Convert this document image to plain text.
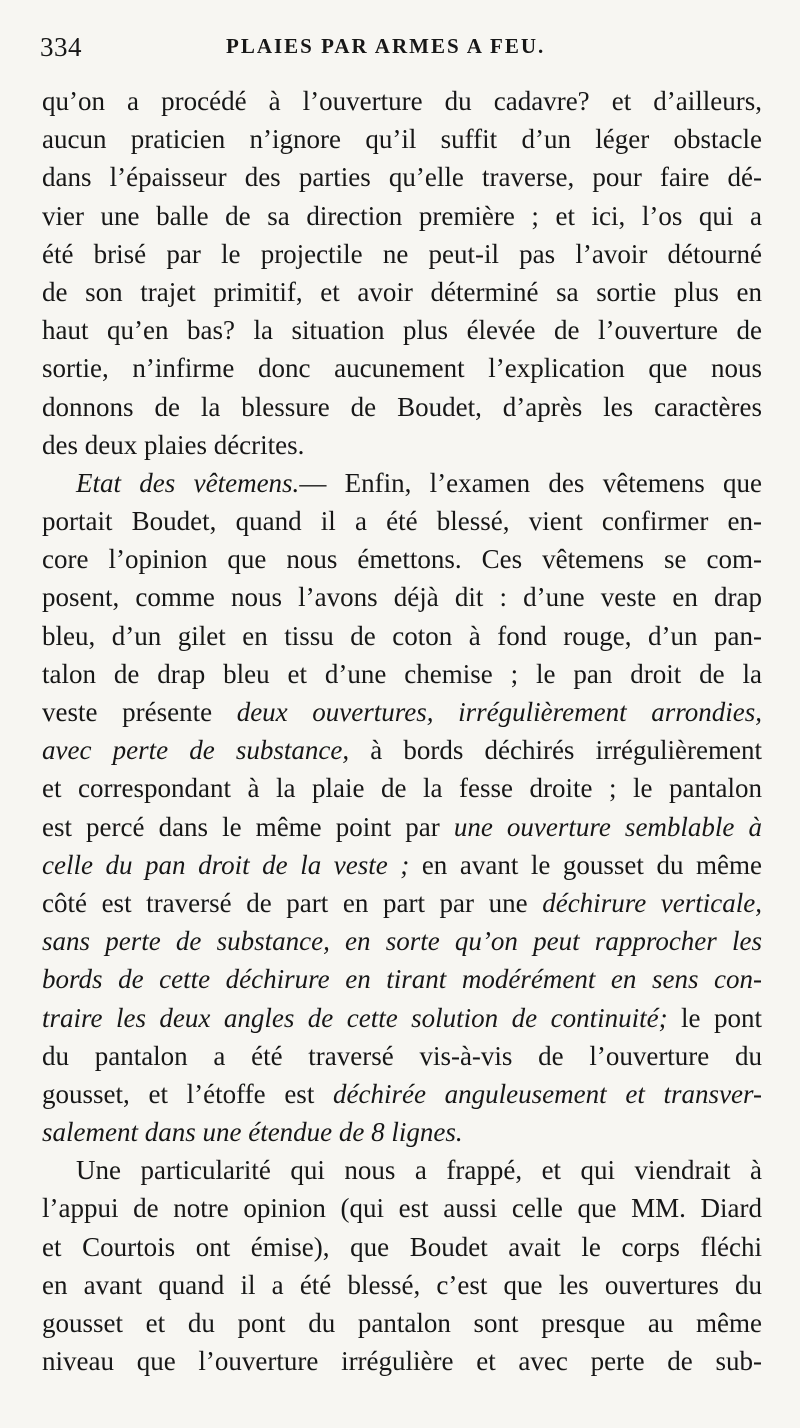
334	PLAIES PAR ARMES A FEU.
qu’on a procédé à l’ouverture du cadavre? et d’ailleurs,
aucun praticien n’ignore qu’il suffit d’un léger obstacle
dans l’épaisseur des parties qu’elle traverse, pour faire dé-
vier une balle de sa direction première ; et ici, l’os qui a
été brisé par le projectile ne peut-il pas l’avoir détourné
de son trajet primitif, et avoir déterminé sa sortie plus en
haut qu’en bas? la situation plus élevée de l’ouverture de
sortie, n’infirme donc aucunement l’explication que nous
donnons de la blessure de Boudet, d’après les caractères
des deux plaies décrites.
Etat des vêtemens.— Enfin, l’examen des vêtemens que
portait Boudet, quand il a été blessé, vient confirmer en-
core l’opinion que nous émettons. Ces vêtemens se com-
posent, comme nous l’avons déjà dit : d’une veste en drap
bleu, d’un gilet en tissu de coton à fond rouge, d’un pan-
talon de drap bleu et d’une chemise ; le pan droit de la
veste présente deux ouvertures, irrégulièrement arrondies,
avec perte de substance, à bords déchirés irrégulièrement
et correspondant à la plaie de la fesse droite ; le pantalon
est percé dans le même point par une ouverture semblable à
celle du pan droit de la veste ; en avant le gousset du même
côté est traversé de part en part par une déchirure verticale,
sans perte de substance, en sorte qu’on peut rapprocher les
bords de cette déchirure en tirant modérément en sens con-
traire les deux angles de cette solution de continuité; le pont
du pantalon a été traversé vis-à-vis de l’ouverture du
gousset, et l’étoffe est déchirée anguleusement et transver-
salement dans une étendue de 8 lignes.
Une particularité qui nous a frappé, et qui viendrait à
l’appui de notre opinion (qui est aussi celle que MM. Diard
et Courtois ont émise), que Boudet avait le corps fléchi
en avant quand il a été blessé, c’est que les ouvertures du
gousset et du pont du pantalon sont presque au même
niveau que l’ouverture irrégulière et avec perte de sub-
